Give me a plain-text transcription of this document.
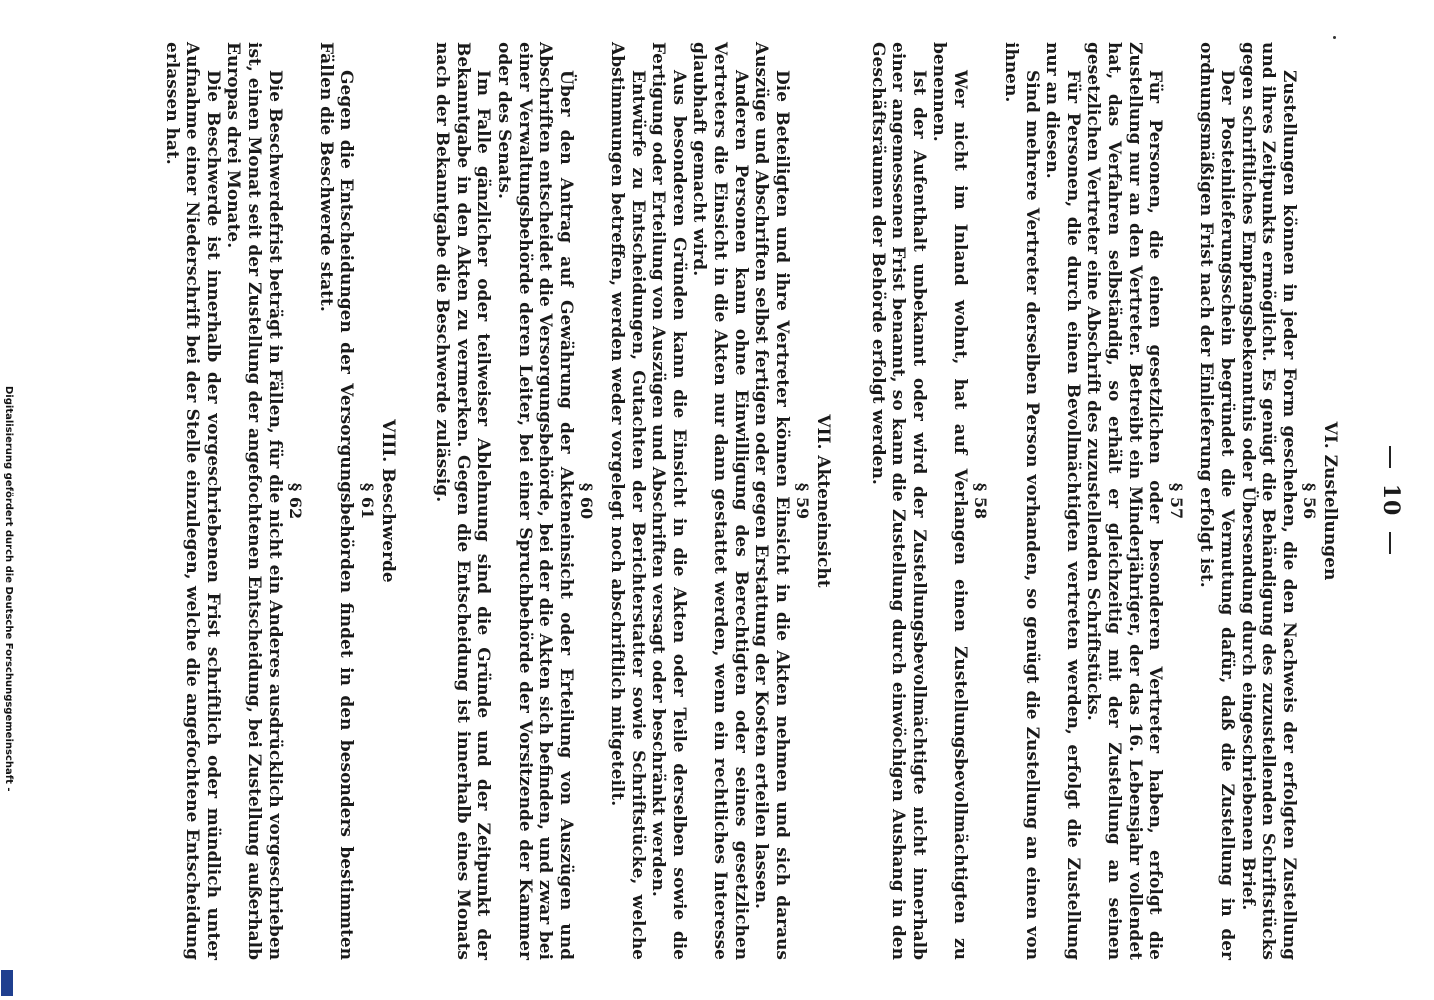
10
VI. Zustellungen
§ 56

Zustellungen können in jeder Form geschehen, die den Nachweis der erfolgten Zustellung und ihres Zeitpunkts ermöglicht. Es genügt die Behändigung des zuzustellenden Schriftstücks gegen schriftliches Empfangsbekenntnis oder Übersendung durch eingeschriebenen Brief.

Der Posteinlieferungsschein begründet die Vermutung dafür, daß die Zustellung in der ordnungsmäßigen Frist nach der Einlieferung erfolgt ist.

§ 57

Für Personen, die einen gesetzlichen oder besonderen Vertreter haben, erfolgt die Zustellung nur an den Vertreter. Betreibt ein Minderjähriger, der das 16. Lebensjahr vollendet hat, das Verfahren selbständig, so erhält er gleichzeitig mit der Zustellung an seinen gesetzlichen Vertreter eine Abschrift des zuzustellenden Schriftstücks.

Für Personen, die durch einen Bevollmächtigten vertreten werden, erfolgt die Zustellung nur an diesen.

Sind mehrere Vertreter derselben Person vorhanden, so genügt die Zustellung an einen von ihnen.

§ 58

Wer nicht im Inland wohnt, hat auf Verlangen einen Zustellungsbevollmächtigten zu benennen.

Ist der Aufenthalt unbekannt oder wird der Zustellungsbevollmächtigte nicht innerhalb einer angemessenen Frist benannt, so kann die Zustellung durch einwöchigen Aushang in den Geschäftsräumen der Behörde erfolgt werden.

VII. Akteneinsicht
§ 59

Die Beteiligten und ihre Vertreter können Einsicht in die Akten nehmen und sich daraus Auszüge und Abschriften selbst fertigen oder gegen Erstattung der Kosten erteilen lassen.

Anderen Personen kann ohne Einwilligung des Berechtigten oder seines gesetzlichen Vertreters die Einsicht in die Akten nur dann gestattet werden, wenn ein rechtliches Interesse glaubhaft gemacht wird.

Aus besonderen Gründen kann die Einsicht in die Akten oder Teile derselben sowie die Fertigung oder Erteilung von Auszügen und Abschriften versagt oder beschränkt werden.

Entwürfe zu Entscheidungen, Gutachten der Berichterstatter sowie Schriftstücke, welche Abstimmungen betreffen, werden weder vorgelegt noch abschriftlich mitgeteilt.

§ 60

Über den Antrag auf Gewährung der Akteneinsicht oder Erteilung von Auszügen und Abschriften entscheidet die Versorgungsbehörde, bei der die Akten sich befinden, und zwar bei einer Verwaltungsbehörde deren Leiter, bei einer Spruchbehörde der Vorsitzende der Kammer oder des Senats.

Im Falle gänzlicher oder teilweiser Ablehnung sind die Gründe und der Zeitpunkt der Bekanntgabe in den Akten zu vermerken. Gegen die Entscheidung ist innerhalb eines Monats nach der Bekanntgabe die Beschwerde zulässig.

VIII. Beschwerde
§ 61

Gegen die Entscheidungen der Versorgungsbehörden findet in den besonders bestimmten Fällen die Beschwerde statt.

§ 62

Die Beschwerdefrist beträgt in Fällen, für die nicht ein Anderes ausdrücklich vorgeschrieben ist, einen Monat seit der Zustellung der angefochtenen Entscheidung, bei Zustellung außerhalb Europas drei Monate.

Die Beschwerde ist innerhalb der vorgeschriebenen Frist schriftlich oder mündlich unter Aufnahme einer Niederschrift bei der Stelle einzulegen, welche die angefochtene Entscheidung erlassen hat.

Digitalisierung gefördert durch die Deutsche Forschungsgemeinschaft -
